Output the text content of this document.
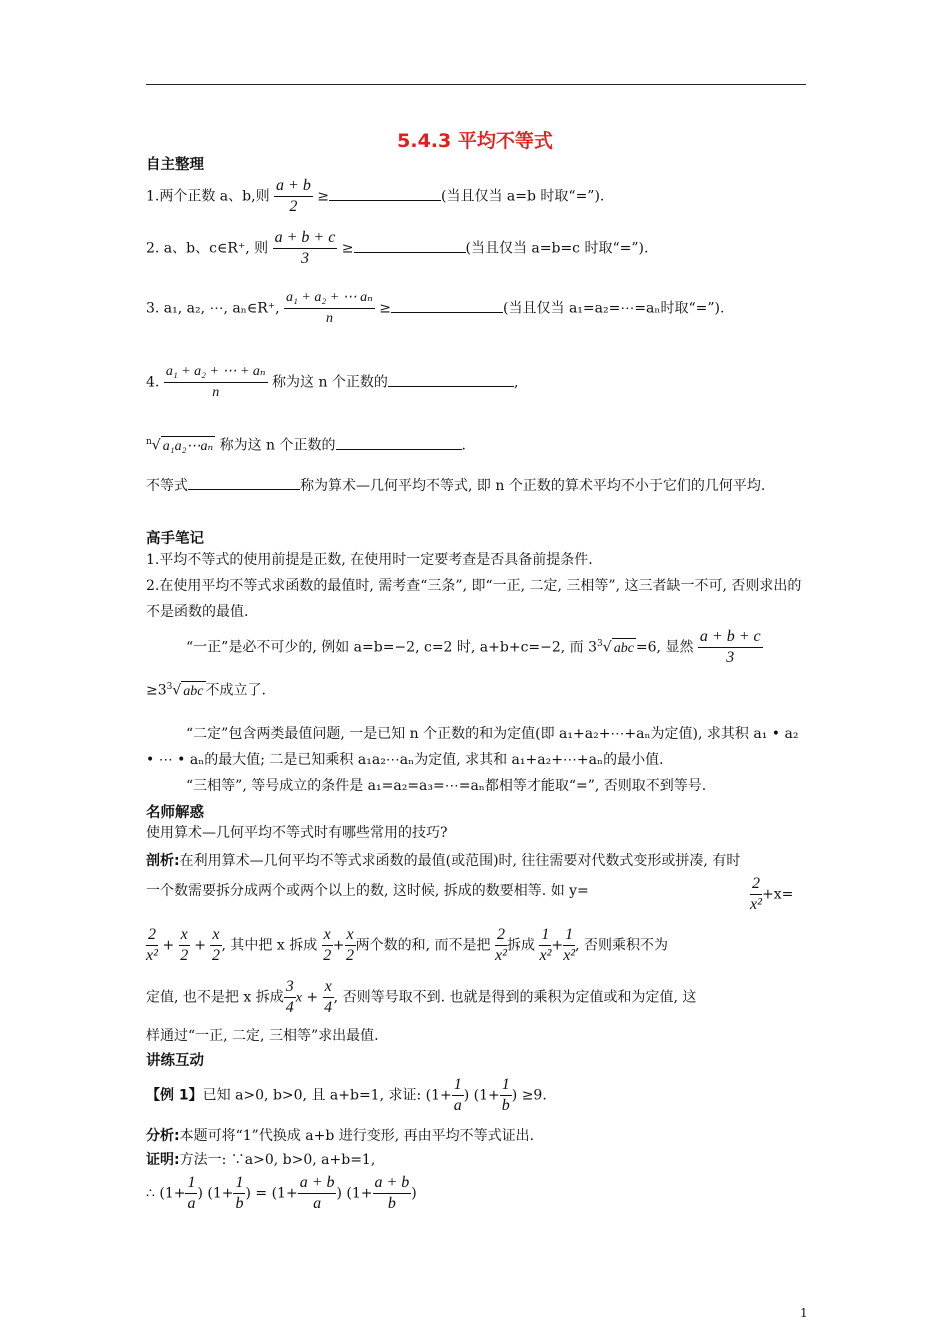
5.4.3 平均不等式
自主整理
1.两个正数 a、b,则 $\frac{a + b}{2}$ ≥	(当且仅当 a=b 时取“=”).
2. a、b、c∈R⁺, 则 $\frac{a + b + c}{3}$ ≥	(当且仅当 a=b=c 时取“=”).
3. a₁, a₂, ⋯, aₙ∈R⁺, $\frac{\text{a₁ + a₂ + ⋯ aₙ}}{n}$ ≥	(当且仅当 a₁=a₂=⋯=aₙ时取“=”).
4. $\frac{\text{a₁ + a₂ + ⋯ + aₙ}}{n}$ 称为这 n 个正数的	,
$^n$√ a₁a₂⋯aₙ 称为这 n 个正数的	.
不等式	称为算术—几何平均不等式, 即 n 个正数的算术平均不小于它们的几何平均.
高手笔记
1.平均不等式的使用前提是正数, 在使用时一定要考查是否具备前提条件.
2.在使用平均不等式求函数的最值时, 需考查“三条”, 即“一正, 二定, 三相等”, 这三者缺一不可, 否则求出的不是函数的最值.
“一正”是必不可少的, 例如 a=b=−2, c=2 时, a+b+c=−2, 而 $3^3√$ abc =6, 显然 $\frac{a + b + c}{3}$
$\ge 3^3√$ abc 不成立了.
“二定”包含两类最值问题, 一是已知 n 个正数的和为定值(即 a₁+a₂+⋯+aₙ为定值), 求其积 a₁ • a₂ • ⋯ • aₙ的最大值; 二是已知乘积 a₁a₂⋯aₙ为定值, 求其和 a₁+a₂+⋯+aₙ的最小值.
“三相等”, 等号成立的条件是 a₁=a₂=a₃=⋯=aₙ都相等才能取“=”, 否则取不到等号.
名师解惑
使用算术—几何平均不等式时有哪些常用的技巧?
剖析:在利用算术—几何平均不等式求函数的最值(或范围)时, 往往需要对代数式变形或拼凑, 有时一个数需要拆分成两个或两个以上的数, 这时候, 拆成的数要相等. 如 y=	$\frac{2}{\text{x²}} +x=$
$\frac{2}{\text{x²}} + \frac{x}{2} + \frac{x}{2}$ , 其中把 x 拆成 $\frac{x}{2} + \frac{x}{2}$ 两个数的和, 而不是把 $\frac{2}{\text{x²}}$ 拆成 $\frac{1}{\text{x²}} + \frac{1}{\text{x²}}$ , 否则乘积不为
定值, 也不是把 x 拆成 $\frac{3}{4}$ $x + \frac{x}{4}$ , 否则等号取不到. 也就是得到的乘积为定值或和为定值, 这
样通过“一正, 二定, 三相等”求出最值.
讲练互动
【例 1】已知 a>0, b>0, 且 a+b=1, 求证: ($1+ \frac{1}{a}$ ) ($1+ \frac{1}{b}$ ) ≥9.
分析:本题可将“1”代换成 a+b 进行变形, 再由平均不等式证出.
证明:方法一: ∵a>0, b>0, a+b=1,
∴ ($1+ \frac{1}{a}$ ) ($1+ \frac{1}{b}$ ) = ($1+ \frac{a + b}{a}$ ) ($1+ \frac{a + b}{b}$ )
1
